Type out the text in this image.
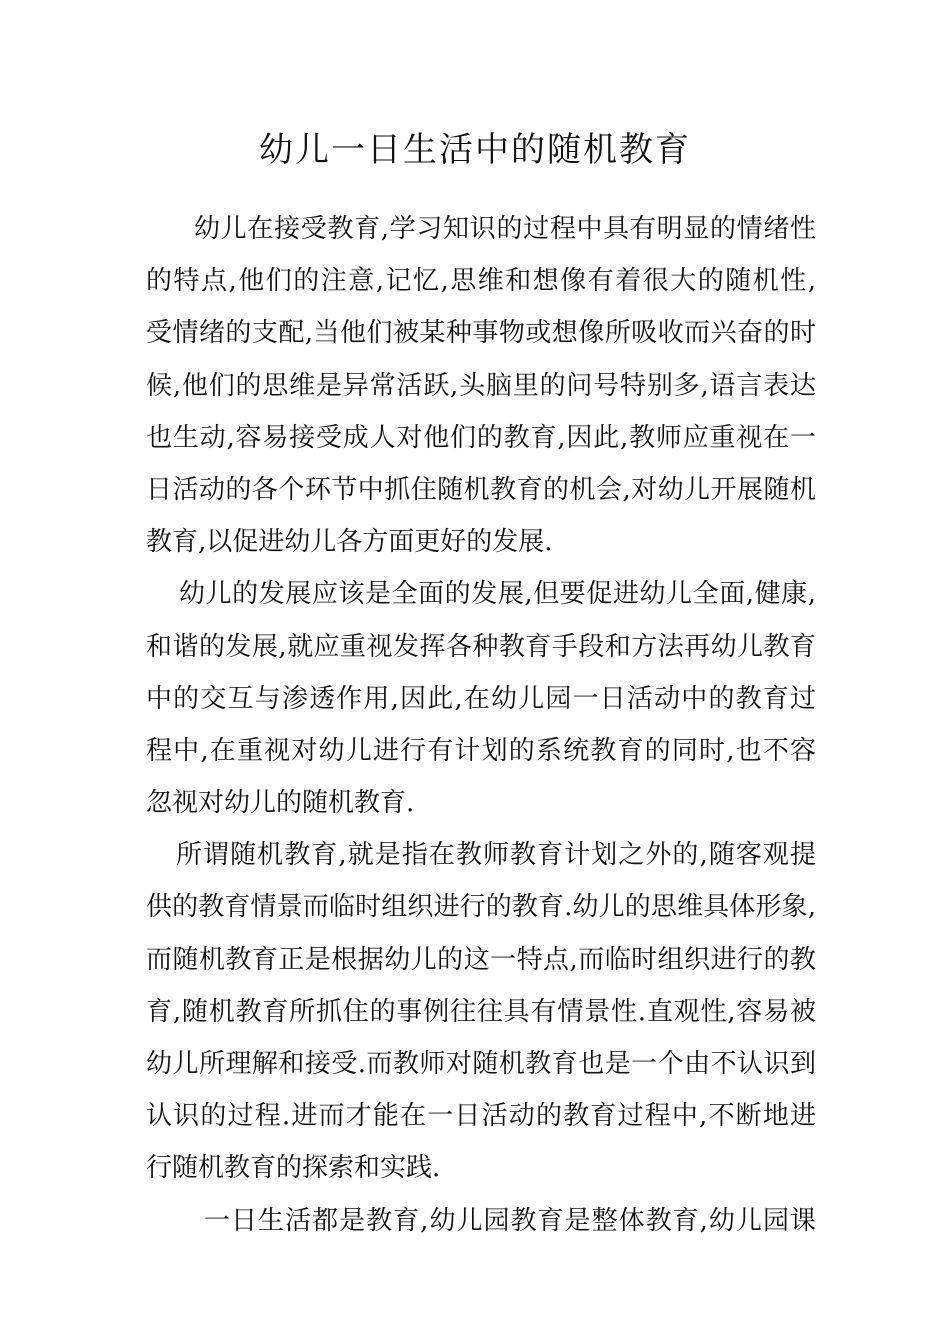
幼儿一日生活中的随机教育
幼儿在接受教育,学习知识的过程中具有明显的情绪性
的特点,他们的注意,记忆,思维和想像有着很大的随机性,
受情绪的支配,当他们被某种事物或想像所吸收而兴奋的时
候,他们的思维是异常活跃,头脑里的问号特别多,语言表达
也生动,容易接受成人对他们的教育,因此,教师应重视在一
日活动的各个环节中抓住随机教育的机会,对幼儿开展随机
教育,以促进幼儿各方面更好的发展.
幼儿的发展应该是全面的发展,但要促进幼儿全面,健康,
和谐的发展,就应重视发挥各种教育手段和方法再幼儿教育
中的交互与渗透作用,因此,在幼儿园一日活动中的教育过
程中,在重视对幼儿进行有计划的系统教育的同时,也不容
忽视对幼儿的随机教育.
所谓随机教育,就是指在教师教育计划之外的,随客观提
供的教育情景而临时组织进行的教育.幼儿的思维具体形象,
而随机教育正是根据幼儿的这一特点,而临时组织进行的教
育,随机教育所抓住的事例往往具有情景性.直观性,容易被
幼儿所理解和接受.而教师对随机教育也是一个由不认识到
认识的过程.进而才能在一日活动的教育过程中,不断地进
行随机教育的探索和实践.
一日生活都是教育,幼儿园教育是整体教育,幼儿园课
